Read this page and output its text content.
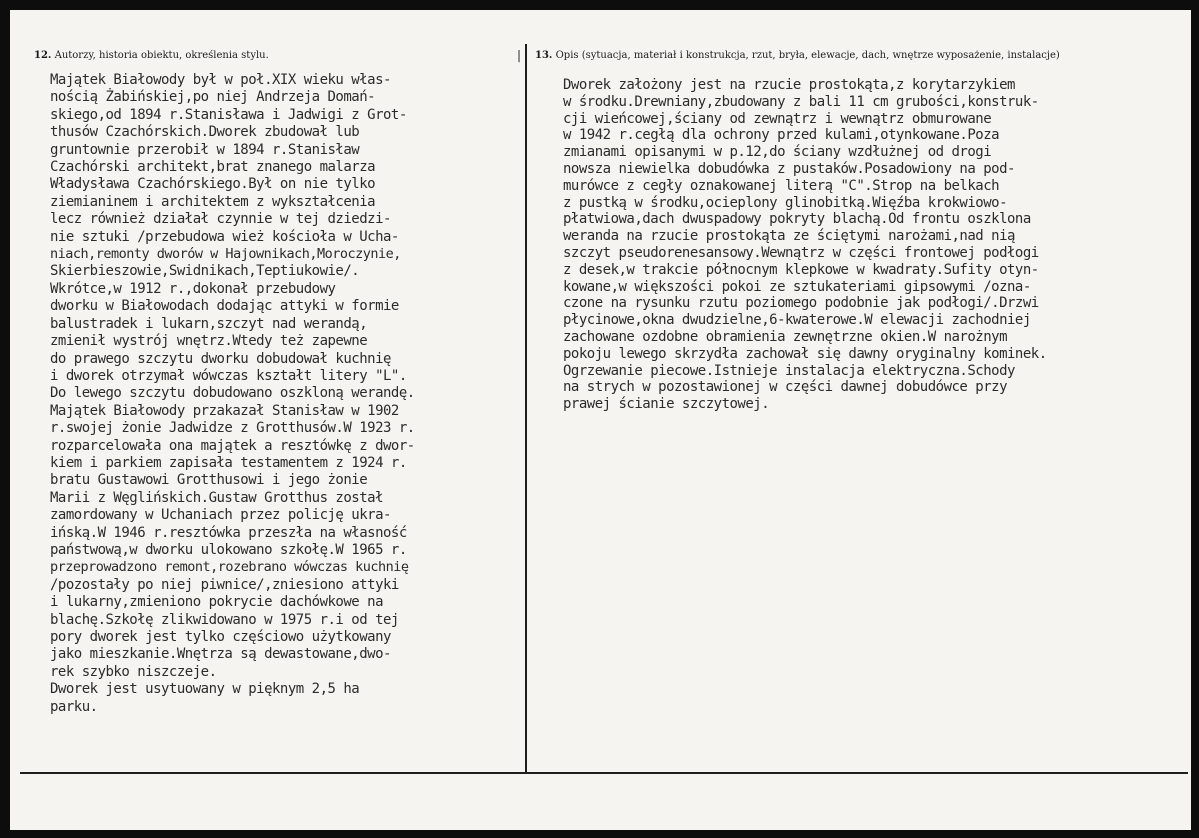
12. Autorzy, historia obiektu, określenia stylu.	| 13. Opis (sytuacja, materiał i konstrukcja, rzut, bryła, elewacje, dach, wnętrze wyposażenie, instalacje)
Majątek Białowody był w poł.XIX wieku włas-
nością Żabińskiej,po niej Andrzeja Domań-
skiego,od 1894 r.Stanisława i Jadwigi z Grot-
thusów Czachórskich.Dworek zbudował lub
gruntownie przerobił w 1894 r.Stanisław
Czachórski architekt,brat znanego malarza
Władysława Czachórskiego.Był on nie tylko
ziemianinem i architektem z wykształcenia
lecz również działał czynnie w tej dziedzi-
nie sztuki /przebudowa wież kościoła w Ucha-
niach,remonty dworów w Hajownikach,Moroczynie,
Skierbieszowie,Swidnikach,Teptiukowie/.
Wkrótce,w 1912 r.,dokonał przebudowy
dworku w Białowodach dodając attyki w formie
balustradek i lukarn,szczyt nad werandą,
zmienił wystrój wnętrz.Wtedy też zapewne
do prawego szczytu dworku dobudował kuchnię
i dworek otrzymał wówczas kształt litery "L".
Do lewego szczytu dobudowano oszkloną werandę.
Majątek Białowody przakazał Stanisław w 1902
r.swojej żonie Jadwidze z Grotthusów.W 1923 r.
rozparcelowała ona majątek a resztówkę z dwor-
kiem i parkiem zapisała testamentem z 1924 r.
bratu Gustawowi Grotthusowi i jego żonie
Marii z Węglińskich.Gustaw Grotthus został
zamordowany w Uchaniach przez policję ukra-
ińską.W 1946 r.resztówka przeszła na własność
państwową,w dworku ulokowano szkołę.W 1965 r.
przeprowadzono remont,rozebrano wówczas kuchnię
/pozostały po niej piwnice/,zniesiono attyki
i lukarny,zmieniono pokrycie dachówkowe na
blachę.Szkołę zlikwidowano w 1975 r.i od tej
pory dworek jest tylko częściowo użytkowany
jako mieszkanie.Wnętrza są dewastowane,dwo-
rek szybko niszczeje.
Dworek jest usytuowany w pięknym 2,5 ha
parku.
Dworek założony jest na rzucie prostokąta,z korytarzykiem
w środku.Drewniany,zbudowany z bali 11 cm grubości,konstruk-
cji wieńcowej,ściany od zewnątrz i wewnątrz obmurowane
w 1942 r.cegłą dla ochrony przed kulami,otynkowane.Poza
zmianami opisanymi w p.12,do ściany wzdłużnej od drogi
nowsza niewielka dobudówka z pustaków.Posadowiony na pod-
murówce z cegły oznakowanej literą "C".Strop na belkach
z pustką w środku,ocieplony glinobitką.Więźba krokwiowo-
płatwiowa,dach dwuspadowy pokryty blachą.Od frontu oszklona
weranda na rzucie prostokąta ze ściętymi narożami,nad nią
szczyt pseudorenesansowy.Wewnątrz w części frontowej podłogi
z desek,w trakcie północnym klepkowe w kwadraty.Sufity otyn-
kowane,w większości pokoi ze sztukateriami gipsowymi /ozna-
czone na rysunku rzutu poziomego podobnie jak podłogi/.Drzwi
płycinowe,okna dwudzielne,6-kwaterowe.W elewacji zachodniej
zachowane ozdobne obramienia zewnętrzne okien.W narożnym
pokoju lewego skrzydła zachował się dawny oryginalny kominek.
Ogrzewanie piecowe.Istnieje instalacja elektryczna.Schody
na strych w pozostawionej w części dawnej dobudówce przy
prawej ścianie szczytowej.
